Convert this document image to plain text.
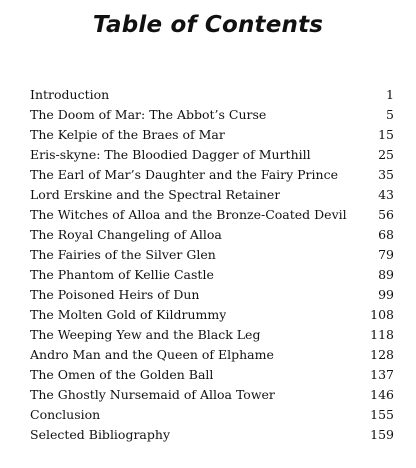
Table of Contents
Introduction	1
The Doom of Mar: The Abbot’s Curse	5
The Kelpie of the Braes of Mar	15
Eris-skyne: The Bloodied Dagger of Murthill	25
The Earl of Mar’s Daughter and the Fairy Prince	35
Lord Erskine and the Spectral Retainer	43
The Witches of Alloa and the Bronze-Coated Devil	56
The Royal Changeling of Alloa	68
The Fairies of the Silver Glen	79
The Phantom of Kellie Castle	89
The Poisoned Heirs of Dun	99
The Molten Gold of Kildrummy	108
The Weeping Yew and the Black Leg	118
Andro Man and the Queen of Elphame	128
The Omen of the Golden Ball	137
The Ghostly Nursemaid of Alloa Tower	146
Conclusion	155
Selected Bibliography	159
